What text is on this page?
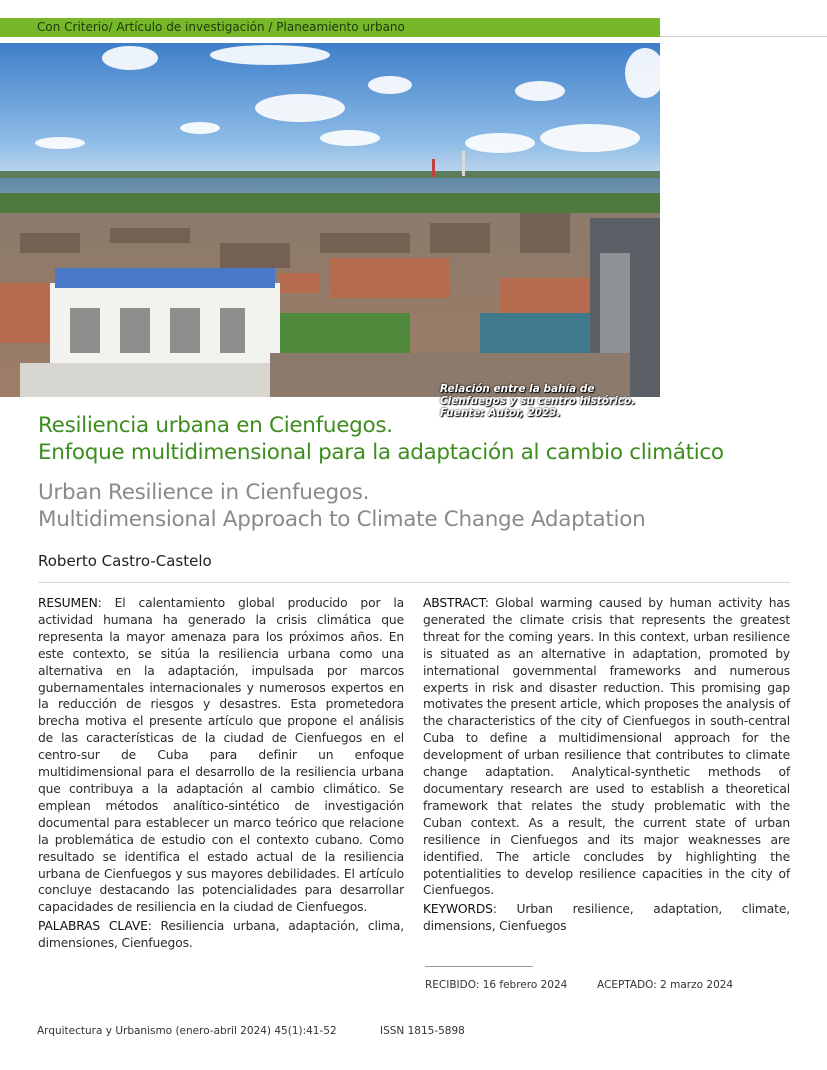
Con Criterio/ Artículo de investigación / Planeamiento urbano
Relación entre la bahía de
Cienfuegos y su centro histórico.
Fuente: Autor, 2023.
Resiliencia urbana en Cienfuegos.
Enfoque multidimensional para la adaptación al cambio climático
Urban Resilience in Cienfuegos.
Multidimensional Approach to Climate Change Adaptation
Roberto Castro-Castelo

RESUMEN: El calentamiento global producido por la actividad humana ha generado la crisis climática que representa la mayor amenaza para los próximos años. En este contexto, se sitúa la resiliencia urbana como una alternativa en la adaptación, impulsada por marcos gubernamentales internacionales y numerosos expertos en la reducción de riesgos y desastres. Esta prometedora brecha motiva el presente artículo que propone el análisis de las características de la ciudad de Cienfuegos en el centro-sur de Cuba para definir un enfoque multidimensional para el desarrollo de la resiliencia urbana que contribuya a la adaptación al cambio climático. Se emplean métodos analítico-sintético de investigación documental para establecer un marco teórico que relacione la problemática de estudio con el contexto cubano. Como resultado se identifica el estado actual de la resiliencia urbana de Cienfuegos y sus mayores debilidades. El artículo concluye destacando las potencialidades para desarrollar capacidades de resiliencia en la ciudad de Cienfuegos.

PALABRAS CLAVE: Resiliencia urbana, adaptación, clima, dimensiones, Cienfuegos.

ABSTRACT: Global warming caused by human activity has generated the climate crisis that represents the greatest threat for the coming years. In this context, urban resilience is situated as an alternative in adaptation, promoted by international governmental frameworks and numerous experts in risk and disaster reduction. This promising gap motivates the present article, which proposes the analysis of the characteristics of the city of Cienfuegos in south-central Cuba to define a multidimensional approach for the development of urban resilience that contributes to climate change adaptation. Analytical-synthetic methods of documentary research are used to establish a theoretical framework that relates the study problematic with the Cuban context. As a result, the current state of urban resilience in Cienfuegos and its major weaknesses are identified. The article concludes by highlighting the potentialities to develop resilience capacities in the city of Cienfuegos.

KEYWORDS: Urban resilience, adaptation, climate, dimensions, Cienfuegos

RECIBIDO: 16 febrero 2024	ACEPTADO: 2 marzo 2024
Arquitectura y Urbanismo (enero-abril 2024) 45(1):41-52	ISSN 1815-5898
